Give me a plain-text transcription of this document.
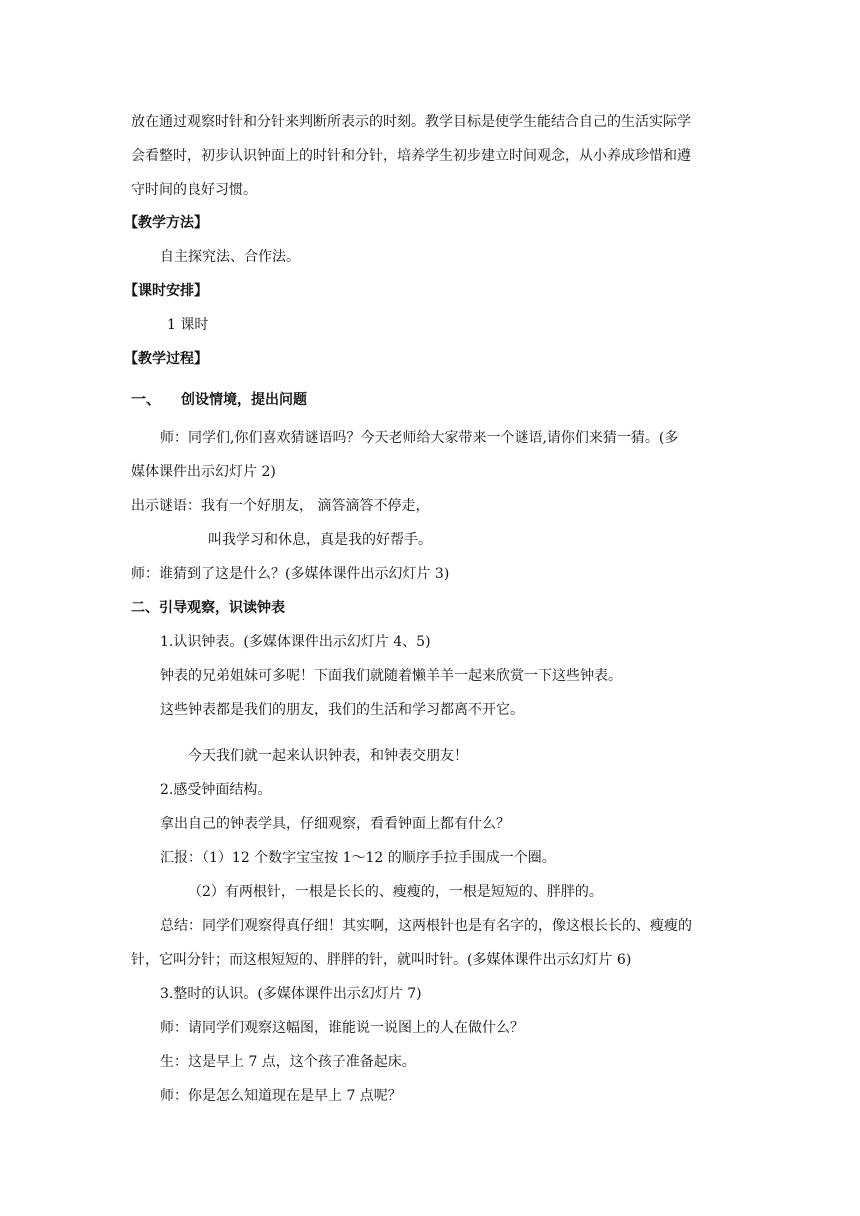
放在通过观察时针和分针来判断所表示的时刻。教学目标是使学生能结合自己的生活实际学
会看整时，初步认识钟面上的时针和分针，培养学生初步建立时间观念，从小养成珍惜和遵
守时间的良好习惯。
【教学方法】
自主探究法、合作法。
【课时安排】
1 课时
【教学过程】
一、 创设情境，提出问题
师：同学们,你们喜欢猜谜语吗？今天老师给大家带来一个谜语,请你们来猜一猜。(多
媒体课件出示幻灯片 2)
出示谜语：我有一个好朋友， 滴答滴答不停走，
叫我学习和休息，真是我的好帮手。
师：谁猜到了这是什么？(多媒体课件出示幻灯片 3)
二、引导观察，识读钟表
1.认识钟表。(多媒体课件出示幻灯片 4、5)
钟表的兄弟姐妹可多呢！下面我们就随着懒羊羊一起来欣赏一下这些钟表。
这些钟表都是我们的朋友，我们的生活和学习都离不开它。
今天我们就一起来认识钟表，和钟表交朋友！
2.感受钟面结构。
拿出自己的钟表学具，仔细观察，看看钟面上都有什么？
汇报：（1）12 个数字宝宝按 1～12 的顺序手拉手围成一个圈。
（2）有两根针，一根是长长的、瘦瘦的，一根是短短的、胖胖的。
总结：同学们观察得真仔细！其实啊，这两根针也是有名字的，像这根长长的、瘦瘦的
针，它叫分针；而这根短短的、胖胖的针，就叫时针。(多媒体课件出示幻灯片 6)
3.整时的认识。(多媒体课件出示幻灯片 7)
师：请同学们观察这幅图，谁能说一说图上的人在做什么？
生：这是早上 7 点，这个孩子准备起床。
师：你是怎么知道现在是早上 7 点呢？
